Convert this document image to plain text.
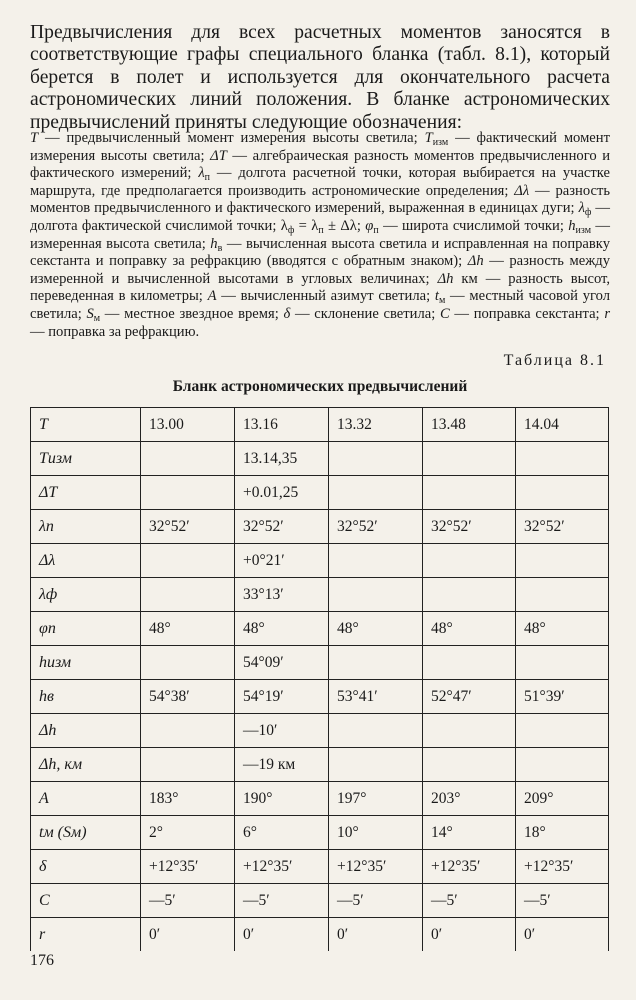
Предвычисления для всех расчетных моментов заносятся в соответствующие графы специального бланка (табл. 8.1), который берется в полет и используется для окончательного расчета астрономических линий положения. В бланке астрономических предвычислений приняты следующие обозначения:

T — предвычисленный момент измерения высоты светила; $T_{изм}$ — фактический момент измерения высоты светила; ΔT — алгебраическая разность моментов предвычисленного и фактического измерений; $\lambda_п$ — долгота расчетной точки, которая выбирается на участке маршрута, где предполагается производить астрономические определения; Δλ — разность моментов предвычисленного и фактического измерений, выраженная в единицах дуги; $\lambda_ф$ — долгота фактической счислимой точки; $\lambda_ф = \lambda_п \pm \Delta\lambda$; $\varphi_п$ — широта счислимой точки; $h_{изм}$ — измеренная высота светила; $h_в$ — вычисленная высота светила и исправленная на поправку секстанта и поправку за рефракцию (вводятся с обратным знаком); Δh — разность между измеренной и вычисленной высотами в угловых величинах; Δh км — разность высот, переведенная в километры; A — вычисленный азимут светила; $t_м$ — местный часовой угол светила; $S_м$ — местное звездное время; δ — склонение светила; C — поправка секстанта; r — поправка за рефракцию.

Таблица 8.1

Бланк астрономических предвычислений

T	13.00	13.16	13.32	13.48	14.04
Tизм		13.14,35			
ΔT		+0.01,25			
λп	32°52′	32°52′	32°52′	32°52′	32°52′
Δλ		+0°21′			
λф		33°13′			
φп	48°	48°	48°	48°	48°
hизм		54°09′			
hв	54°38′	54°19′	53°41′	52°47′	51°39′
Δh		—10′			
Δh, км		—19 км			
A	183°	190°	197°	203°	209°
tм (Sм)	2°	6°	10°	14°	18°
δ	+12°35′	+12°35′	+12°35′	+12°35′	+12°35′
C	—5′	—5′	—5′	—5′	—5′
r	0′	0′	0′	0′	0′

176
